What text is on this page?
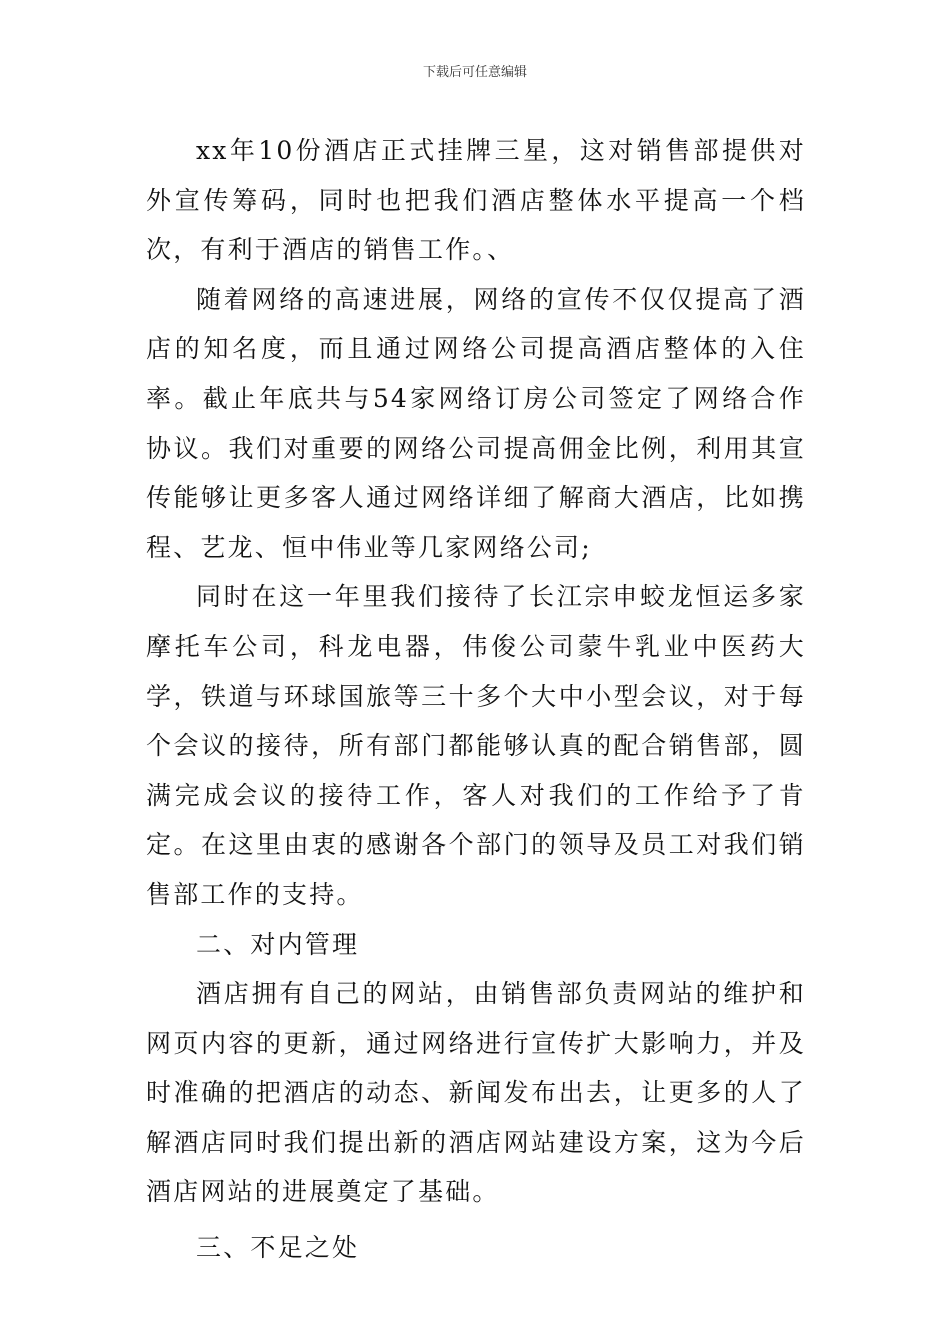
下载后可任意编辑

xx年10份酒店正式挂牌三星，这对销售部提供对外宣传筹码，同时也把我们酒店整体水平提高一个档次，有利于酒店的销售工作。、

随着网络的高速进展，网络的宣传不仅仅提高了酒店的知名度，而且通过网络公司提高酒店整体的入住率。截止年底共与54家网络订房公司签定了网络合作协议。我们对重要的网络公司提高佣金比例，利用其宣传能够让更多客人通过网络详细了解商大酒店，比如携程、艺龙、恒中伟业等几家网络公司;

同时在这一年里我们接待了长江宗申蛟龙恒运多家摩托车公司，科龙电器，伟俊公司蒙牛乳业中医药大学，铁道与环球国旅等三十多个大中小型会议，对于每个会议的接待，所有部门都能够认真的配合销售部，圆满完成会议的接待工作，客人对我们的工作给予了肯定。在这里由衷的感谢各个部门的领导及员工对我们销售部工作的支持。

二、对内管理

酒店拥有自己的网站，由销售部负责网站的维护和网页内容的更新，通过网络进行宣传扩大影响力，并及时准确的把酒店的动态、新闻发布出去，让更多的人了解酒店同时我们提出新的酒店网站建设方案，这为今后酒店网站的进展奠定了基础。

三、不足之处
